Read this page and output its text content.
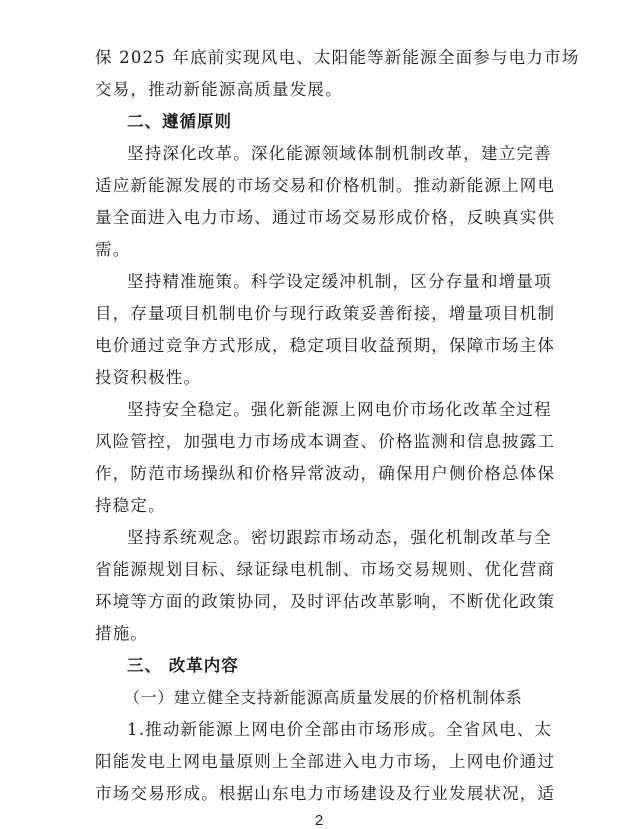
保 2025 年底前实现风电、太阳能等新能源全面参与电力市场
交易，推动新能源高质量发展。
二、遵循原则
坚持深化改革。深化能源领域体制机制改革，建立完善
适应新能源发展的市场交易和价格机制。推动新能源上网电
量全面进入电力市场、通过市场交易形成价格，反映真实供
需。
坚持精准施策。科学设定缓冲机制，区分存量和增量项
目，存量项目机制电价与现行政策妥善衔接，增量项目机制
电价通过竞争方式形成，稳定项目收益预期，保障市场主体
投资积极性。
坚持安全稳定。强化新能源上网电价市场化改革全过程
风险管控，加强电力市场成本调查、价格监测和信息披露工
作，防范市场操纵和价格异常波动，确保用户侧价格总体保
持稳定。
坚持系统观念。密切跟踪市场动态，强化机制改革与全
省能源规划目标、绿证绿电机制、市场交易规则、优化营商
环境等方面的政策协同，及时评估改革影响，不断优化政策
措施。
三、 改革内容
（一）建立健全支持新能源高质量发展的价格机制体系
1.推动新能源上网电价全部由市场形成。全省风电、太
阳能发电上网电量原则上全部进入电力市场，上网电价通过
市场交易形成。根据山东电力市场建设及行业发展状况，适
2
